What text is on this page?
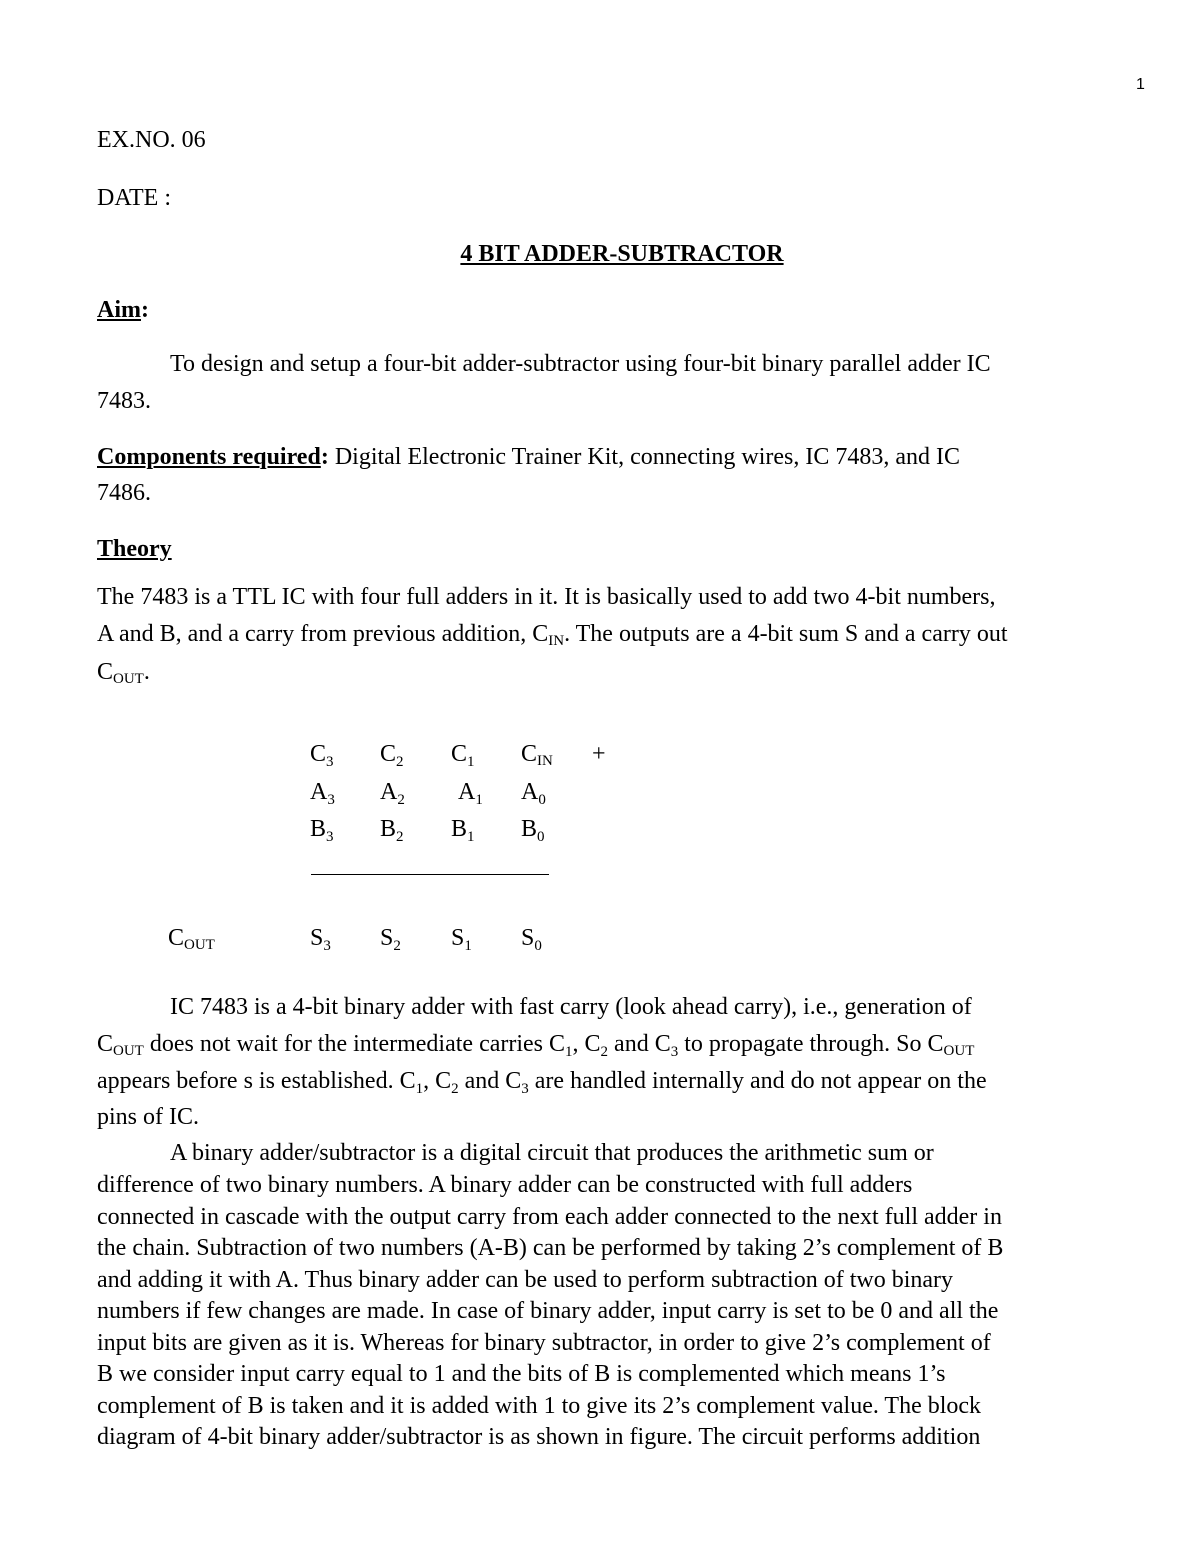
1
EX.NO. 06
DATE :
4 BIT ADDER-SUBTRACTOR
Aim:
To design and setup a four-bit adder-subtractor using four-bit binary parallel adder IC
7483.
Components required: Digital Electronic Trainer Kit, connecting wires, IC 7483, and IC
7486.
Theory
The 7483 is a TTL IC with four full adders in it. It is basically used to add two 4-bit numbers,
A and B, and a carry from previous addition, $C_{IN}$. The outputs are a 4-bit sum S and a carry out
$C_{OUT}$.
$C_3$ $C_2$ $C_1$ $C_{IN}$ +
$A_3$ $A_2$ $A_1$ $A_0$
$B_3$ $B_2$ $B_1$ $B_0$
$C_{OUT}$	$S_3$ $S_2$ $S_1$ $S_0$
IC 7483 is a 4-bit binary adder with fast carry (look ahead carry), i.e., generation of
$C_{OUT}$ does not wait for the intermediate carries $C_1$, $C_2$ and $C_3$ to propagate through. So $C_{OUT}$
appears before s is established. $C_1$, $C_2$ and $C_3$ are handled internally and do not appear on the
pins of IC.
A binary adder/subtractor is a digital circuit that produces the arithmetic sum or
difference of two binary numbers. A binary adder can be constructed with full adders
connected in cascade with the output carry from each adder connected to the next full adder in
the chain. Subtraction of two numbers (A-B) can be performed by taking 2’s complement of B
and adding it with A. Thus binary adder can be used to perform subtraction of two binary
numbers if few changes are made. In case of binary adder, input carry is set to be 0 and all the
input bits are given as it is. Whereas for binary subtractor, in order to give 2’s complement of
B we consider input carry equal to 1 and the bits of B is complemented which means 1’s
complement of B is taken and it is added with 1 to give its 2’s complement value. The block
diagram of 4-bit binary adder/subtractor is as shown in figure. The circuit performs addition
